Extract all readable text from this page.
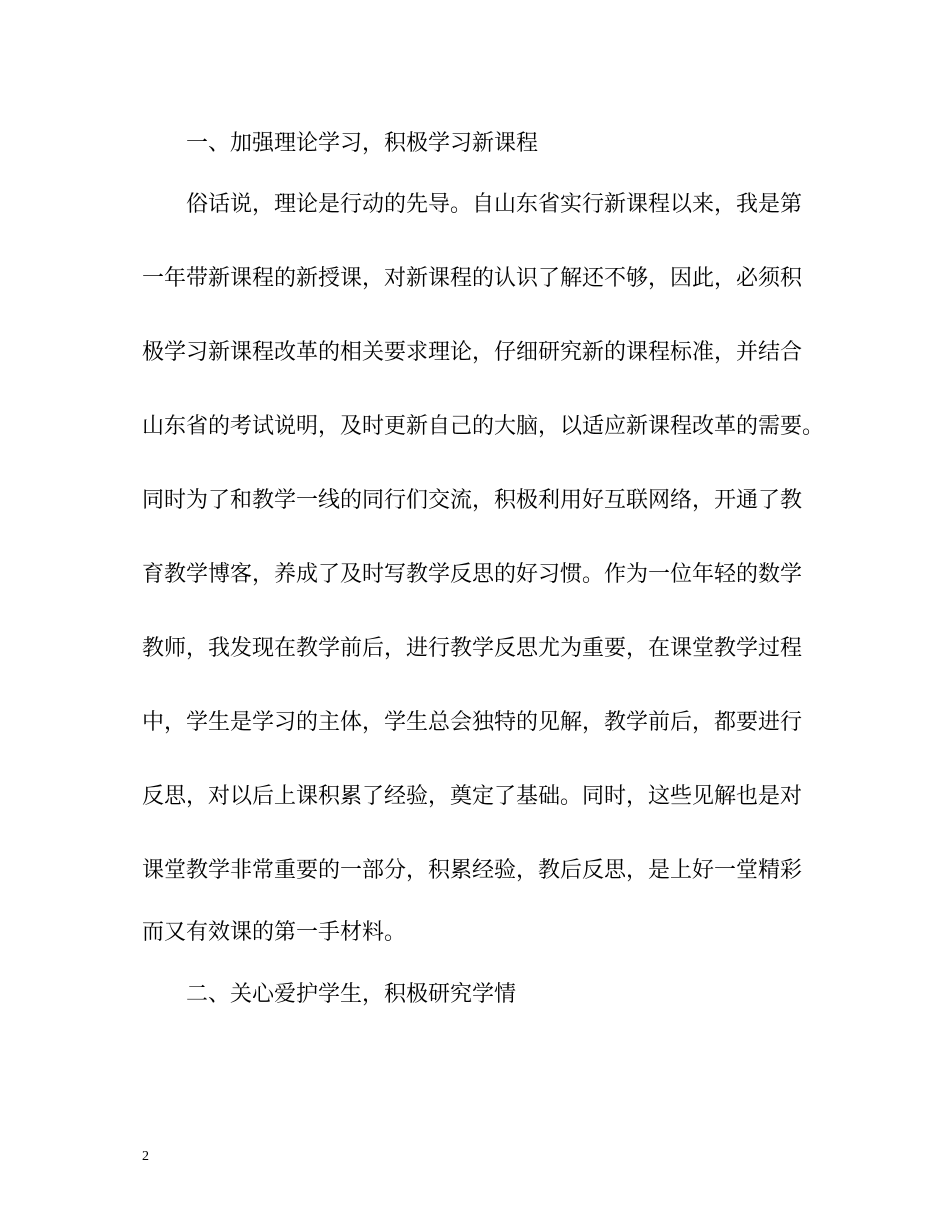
一、加强理论学习，积极学习新课程
俗话说，理论是行动的先导。自山东省实行新课程以来，我是第
一年带新课程的新授课，对新课程的认识了解还不够，因此，必须积
极学习新课程改革的相关要求理论，仔细研究新的课程标准，并结合
山东省的考试说明，及时更新自己的大脑，以适应新课程改革的需要。
同时为了和教学一线的同行们交流，积极利用好互联网络，开通了教
育教学博客，养成了及时写教学反思的好习惯。作为一位年轻的数学
教师，我发现在教学前后，进行教学反思尤为重要，在课堂教学过程
中，学生是学习的主体，学生总会独特的见解，教学前后，都要进行
反思，对以后上课积累了经验，奠定了基础。同时，这些见解也是对
课堂教学非常重要的一部分，积累经验，教后反思，是上好一堂精彩
而又有效课的第一手材料。
二、关心爱护学生，积极研究学情
2
